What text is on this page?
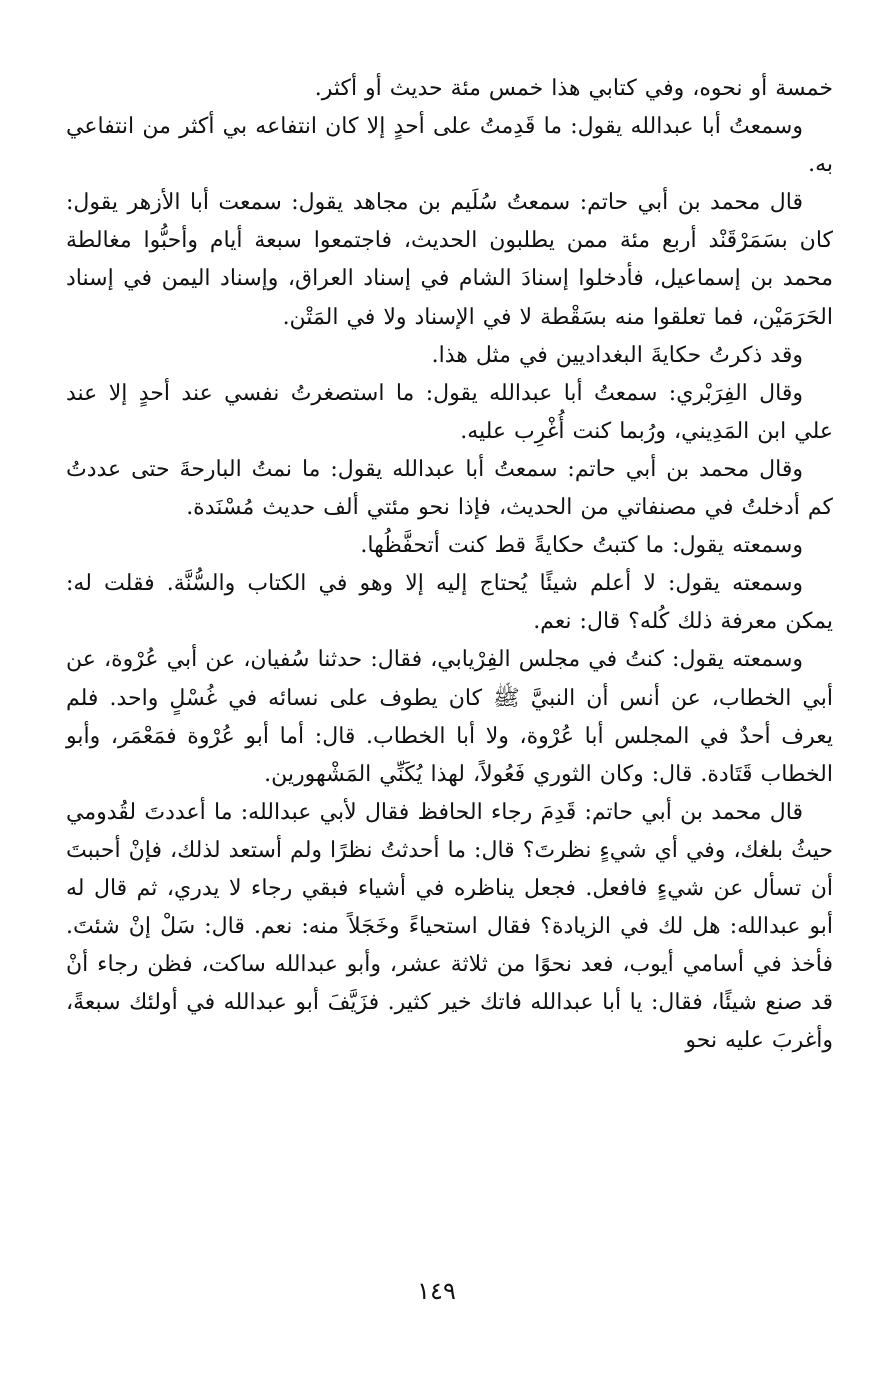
خمسة أو نحوه، وفي كتابي هذا خمس مئة حديث أو أكثر.

وسمعتُ أبا عبدالله يقول: ما قَدِمتُ على أحدٍ إلا كان انتفاعه بي أكثر من انتفاعي به.

قال محمد بن أبي حاتم: سمعتُ سُلَيم بن مجاهد يقول: سمعت أبا الأزهر يقول: كان بسَمَرْقَنْد أربع مئة ممن يطلبون الحديث، فاجتمعوا سبعة أيام وأحبُّوا مغالطة محمد بن إسماعيل، فأدخلوا إسنادَ الشام في إسناد العراق، وإسناد اليمن في إسناد الحَرَمَيْن، فما تعلقوا منه بسَقْطة لا في الإسناد ولا في المَتْن.

وقد ذكرتُ حكايةَ البغداديين في مثل هذا.

وقال الفِرَبْري: سمعتُ أبا عبدالله يقول: ما استصغرتُ نفسي عند أحدٍ إلا عند علي ابن المَدِيني، ورُبما كنت أُغْرِب عليه.

وقال محمد بن أبي حاتم: سمعتُ أبا عبدالله يقول: ما نمتُ البارحةَ حتى عددتُ كم أدخلتُ في مصنفاتي من الحديث، فإذا نحو مئتي ألف حديث مُسْنَدة.

وسمعته يقول: ما كتبتُ حكايةً قط كنت أتحفَّظُها.

وسمعته يقول: لا أعلم شيئًا يُحتاج إليه إلا وهو في الكتاب والسُّنَّة. فقلت له: يمكن معرفة ذلك كُله؟ قال: نعم.

وسمعته يقول: كنتُ في مجلس الفِرْيابي، فقال: حدثنا سُفيان، عن أبي عُرْوة، عن أبي الخطاب، عن أنس أن النبيَّ ﷺ كان يطوف على نسائه في غُسْلٍ واحد. فلم يعرف أحدٌ في المجلس أبا عُرْوة، ولا أبا الخطاب. قال: أما أبو عُرْوة فمَعْمَر، وأبو الخطاب قَتَادة. قال: وكان الثوري فَعُولاً، لهذا يُكَنِّي المَشْهورين.

قال محمد بن أبي حاتم: قَدِمَ رجاء الحافظ فقال لأبي عبدالله: ما أعددتَ لقُدومي حيثُ بلغك، وفي أي شيءٍ نظرتَ؟ قال: ما أحدثتُ نظرًا ولم أستعد لذلك، فإنْ أحببتَ أن تسأل عن شيءٍ فافعل. فجعل يناظره في أشياء فبقي رجاء لا يدري، ثم قال له أبو عبدالله: هل لك في الزيادة؟ فقال استحياءً وخَجَلاً منه: نعم. قال: سَلْ إنْ شئتَ. فأخذ في أسامي أيوب، فعد نحوًا من ثلاثة عشر، وأبو عبدالله ساكت، فظن رجاء أنْ قد صنع شيئًا، فقال: يا أبا عبدالله فاتك خير كثير. فزَيَّفَ أبو عبدالله في أولئك سبعةً، وأغربَ عليه نحو

١٤٩
